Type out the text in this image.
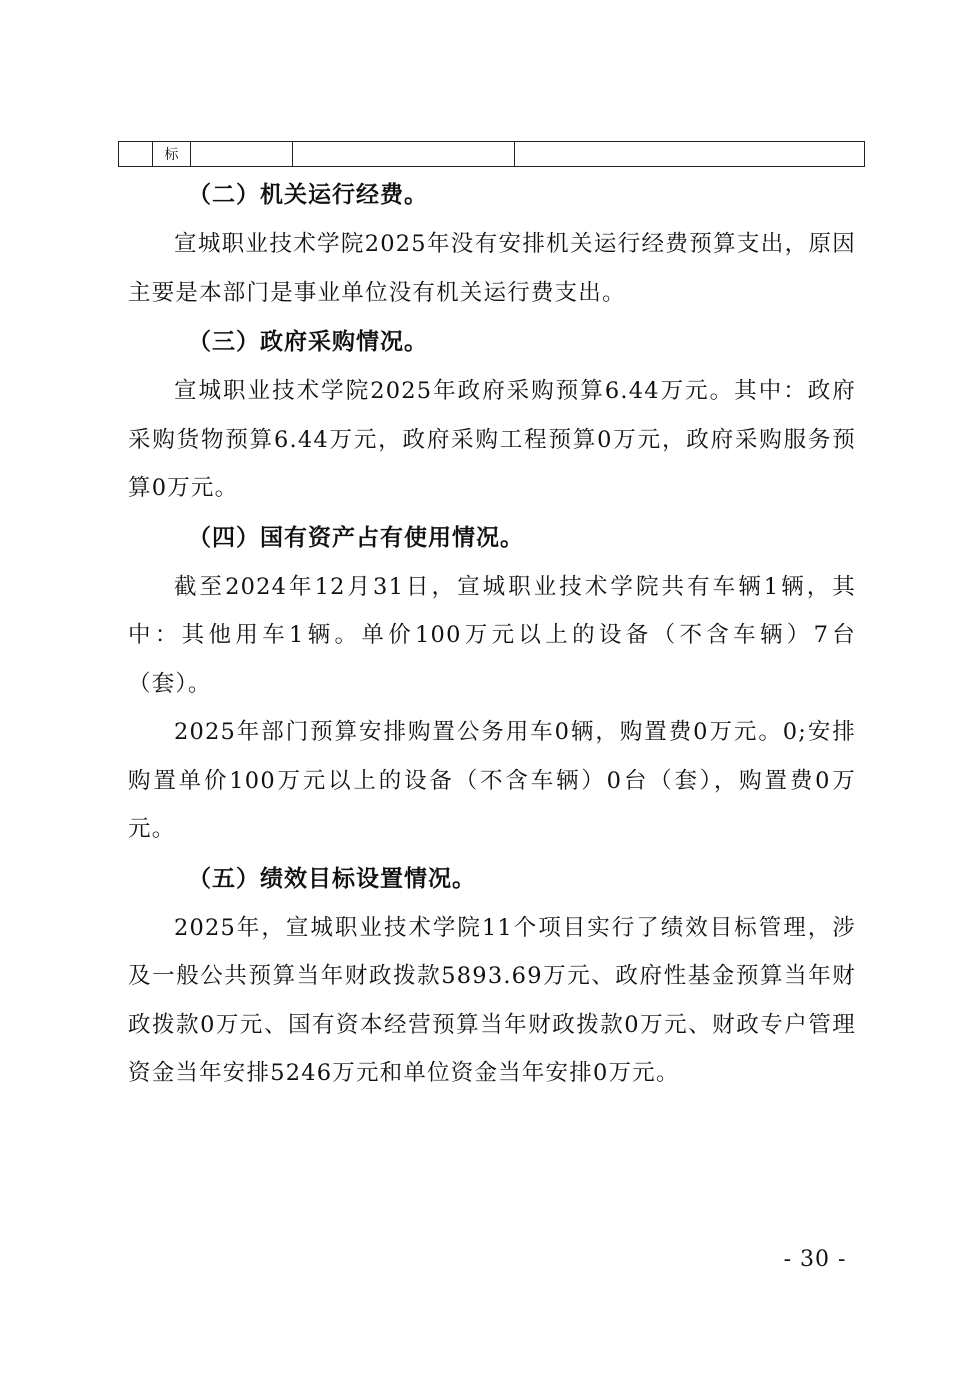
	标			
（二）机关运行经费。

宣城职业技术学院2025年没有安排机关运行经费预算支出，原因主要是本部门是事业单位没有机关运行费支出。

（三）政府采购情况。

宣城职业技术学院2025年政府采购预算6.44万元。其中：政府采购货物预算6.44万元，政府采购工程预算0万元，政府采购服务预算0万元。

（四）国有资产占有使用情况。

截至2024年12月31日，宣城职业技术学院共有车辆1辆，其中：其他用车1辆。单价100万元以上的设备（不含车辆）7台（套）。

2025年部门预算安排购置公务用车0辆，购置费0万元。0;安排购置单价100万元以上的设备（不含车辆）0台（套），购置费0万元。

（五）绩效目标设置情况。

2025年，宣城职业技术学院11个项目实行了绩效目标管理，涉及一般公共预算当年财政拨款5893.69万元、政府性基金预算当年财政拨款0万元、国有资本经营预算当年财政拨款0万元、财政专户管理资金当年安排5246万元和单位资金当年安排0万元。

- 30 -
